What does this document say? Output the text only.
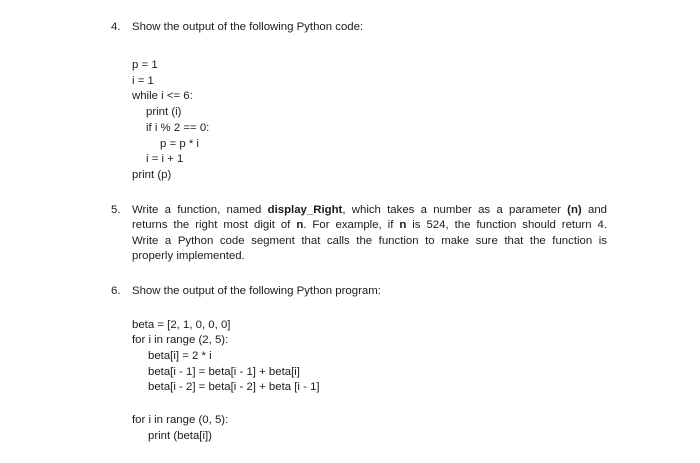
4. Show the output of the following Python code:
p = 1
i = 1
while i <= 6:
print (i)
if i % 2 == 0:
p = p * i
i = i + 1
print (p)
5. Write a function, named display_Right, which takes a number as a parameter (n) and
returns the right most digit of n. For example, if n is 524, the function should return 4.
Write a Python code segment that calls the function to make sure that the function is
properly implemented.
6. Show the output of the following Python program:
beta = [2, 1, 0, 0, 0]
for i in range (2, 5):
beta[i] = 2 * i
beta[i - 1] = beta[i - 1] + beta[i]
beta[i - 2] = beta[i - 2] + beta [i - 1]
for i in range (0, 5):
print (beta[i])
